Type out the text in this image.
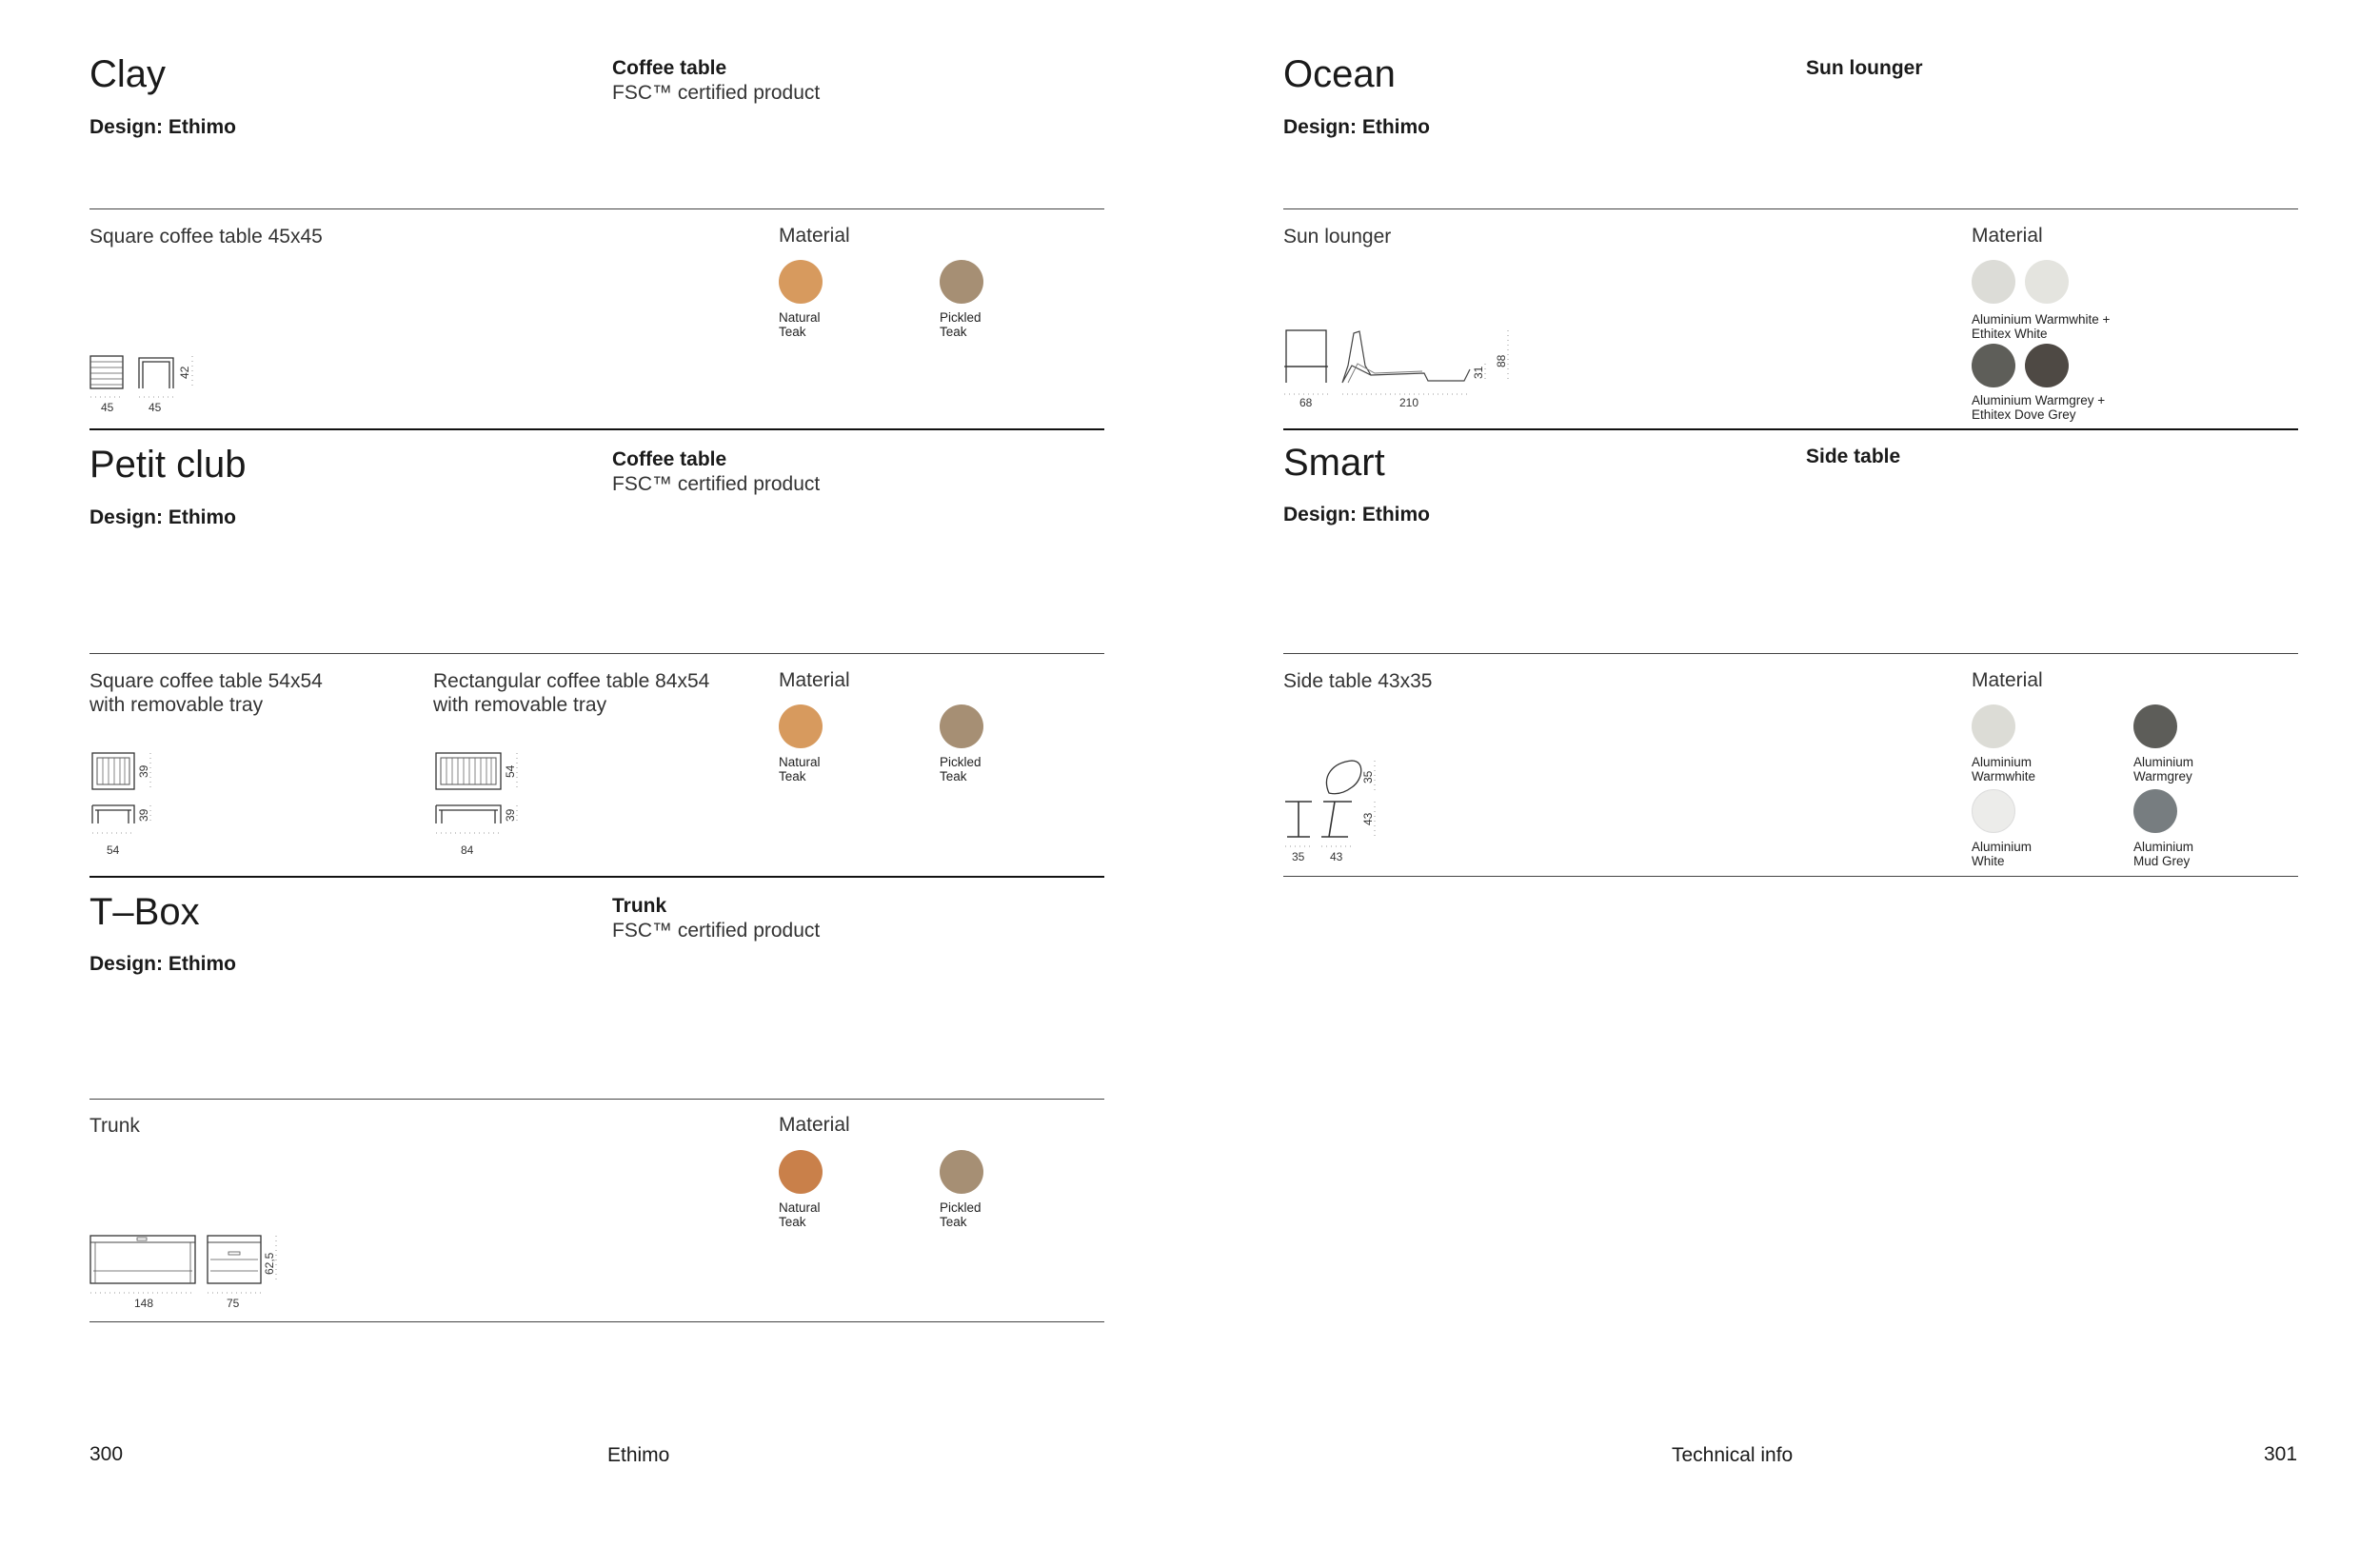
Clay
Design: Ethimo
Coffee table
FSC™ certified product
Square coffee table 45x45	Material
Natural
Teak
Pickled
Teak
45	45
42
Petit club
Design: Ethimo
Coffee table
FSC™ certified product
Square coffee table 54x54
with removable tray
Rectangular coffee table 84x54
with removable tray
Material
Natural
Teak
Pickled
Teak
54
39
39
84
54
39
T–Box
Design: Ethimo
Trunk
FSC™ certified product
Trunk	Material
Natural
Teak
Pickled
Teak
148	75
62,5
Ocean
Design: Ethimo
Sun lounger
Sun lounger	Material
Aluminium Warmwhite +
Ethitex White
Aluminium Warmgrey +
Ethitex Dove Grey
68	210
31
88
Smart
Design: Ethimo
Side table
Side table 43x35	Material
Aluminium
Warmwhite
Aluminium
Warmgrey
Aluminium
White
Aluminium
Mud Grey
35 43
35
43
300	Ethimo	Technical info	301
